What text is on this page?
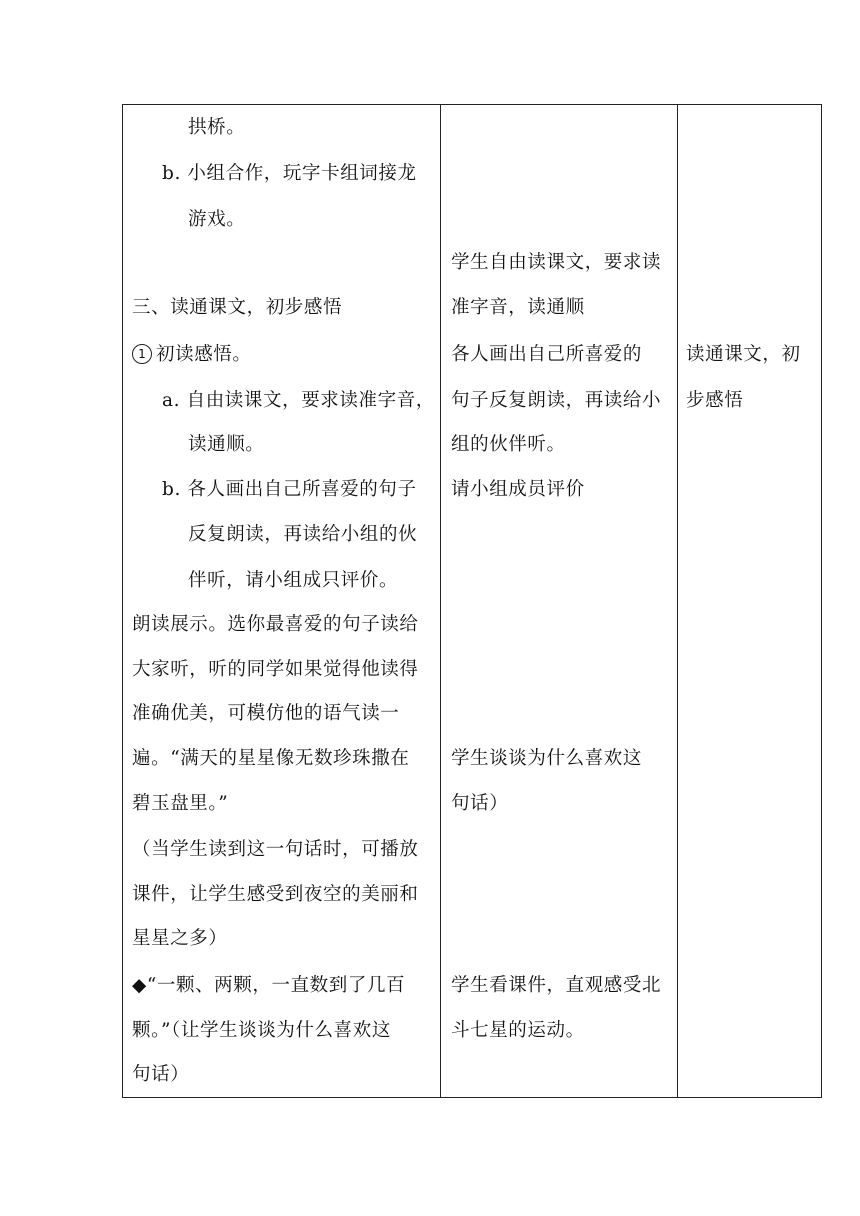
拱桥。
b. 小组合作，玩字卡组词接龙
游戏。
三、读通课文，初步感悟
1 初读感悟。
a. 自由读课文，要求读准字音，
读通顺。
b. 各人画出自己所喜爱的句子
反复朗读，再读给小组的伙
伴听，请小组成只评价。
朗读展示。选你最喜爱的句子读给
大家听，听的同学如果觉得他读得
准确优美，可模仿他的语气读一
遍。“满天的星星像无数珍珠撒在
碧玉盘里。”
（当学生读到这一句话时，可播放
课件，让学生感受到夜空的美丽和
星星之多）
◆“一颗、两颗，一直数到了几百
颗。”（让学生谈谈为什么喜欢这
句话）

学生自由读课文，要求读
准字音，读通顺
各人画出自己所喜爱的
句子反复朗读，再读给小
组的伙伴听。
请小组成员评价
学生谈谈为什么喜欢这
句话）
学生看课件，直观感受北
斗七星的运动。

读通课文，初
步感悟
